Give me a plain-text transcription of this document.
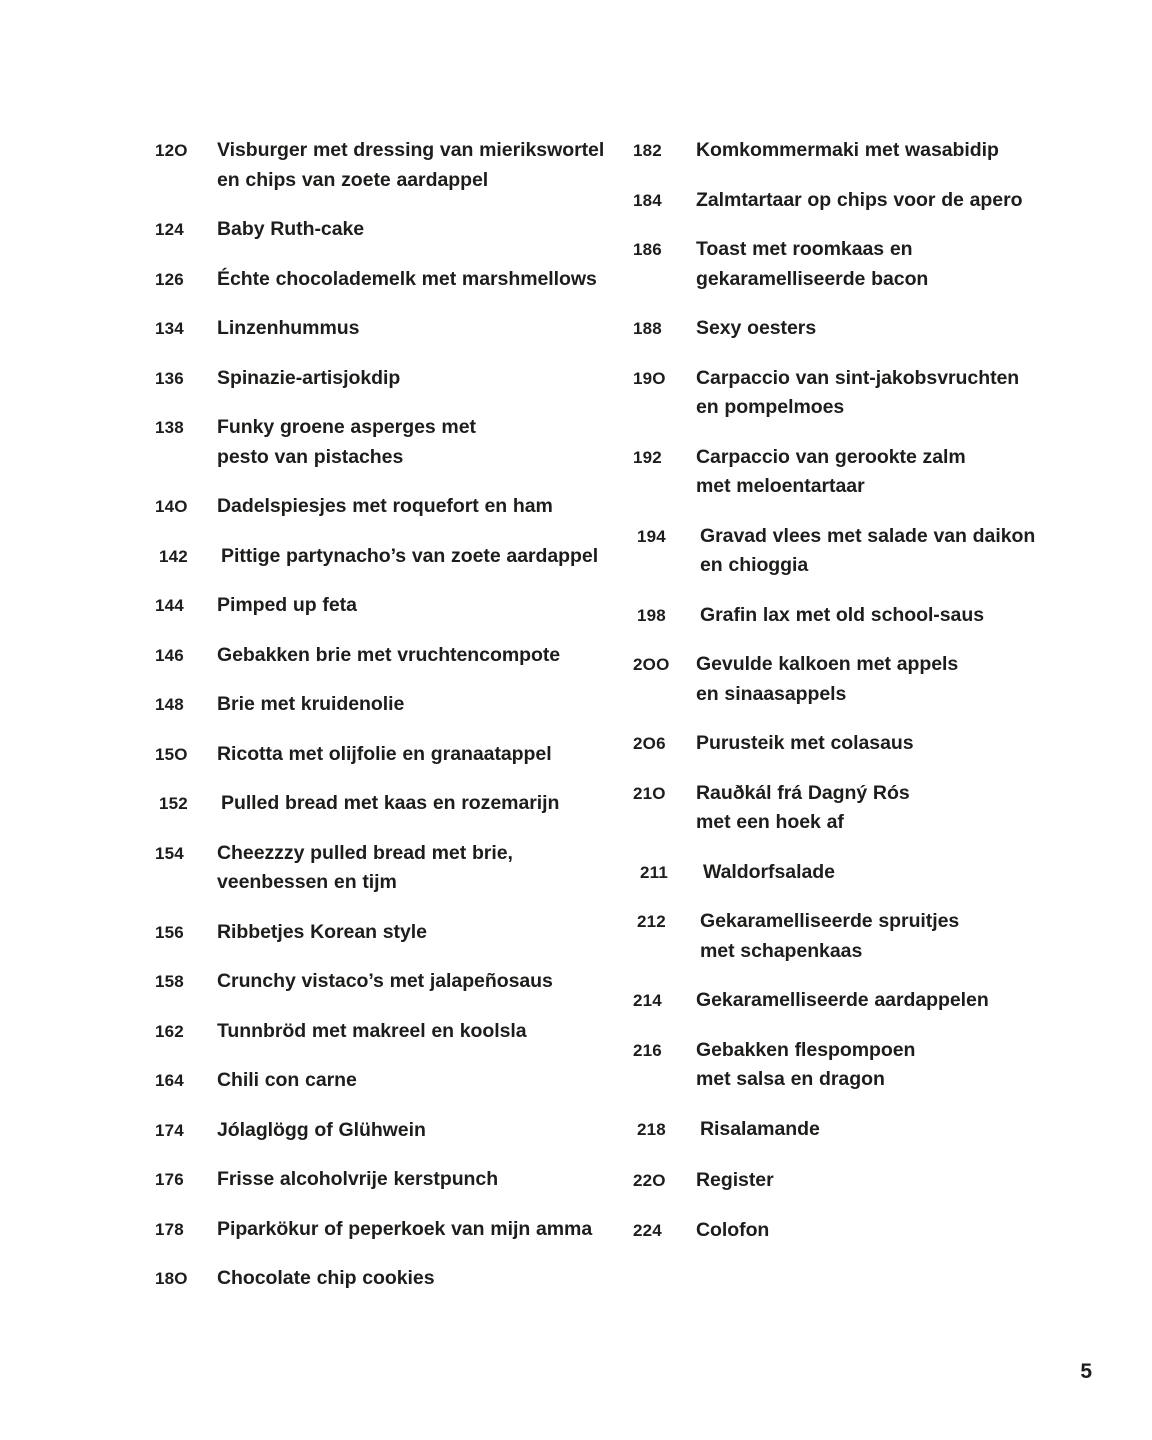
12O	Visburger met dressing van mierikswortel
en chips van zoete aardappel
124	Baby Ruth-cake
126	Échte chocolademelk met marshmellows
134	Linzenhummus
136	Spinazie-artisjokdip
138	Funky groene asperges met
pesto van pistaches
14O	Dadelspiesjes met roquefort en ham
142	Pittige partynacho’s van zoete aardappel
144	Pimped up feta
146	Gebakken brie met vruchtencompote
148	Brie met kruidenolie
15O	Ricotta met olijfolie en granaatappel
152	Pulled bread met kaas en rozemarijn
154	Cheezzzy pulled bread met brie,
veenbessen en tijm
156	Ribbetjes Korean style
158	Crunchy vistaco’s met jalapeñosaus
162	Tunnbröd met makreel en koolsla
164	Chili con carne
174	Jólaglögg of Glühwein
176	Frisse alcoholvrije kerstpunch
178	Piparkökur of peperkoek van mijn amma
18O	Chocolate chip cookies
182	Komkommermaki met wasabidip
184	Zalmtartaar op chips voor de apero
186	Toast met roomkaas en
gekaramelliseerde bacon
188	Sexy oesters
19O	Carpaccio van sint-jakobsvruchten
en pompelmoes
192	Carpaccio van gerookte zalm
met meloentartaar
194	Gravad vlees met salade van daikon
en chioggia
198	Grafin lax met old school-saus
2OO	Gevulde kalkoen met appels
en sinaasappels
2O6	Purusteik met colasaus
21O	Rauðkál frá Dagný Rós
met een hoek af
211	Waldorfsalade
212	Gekaramelliseerde spruitjes
met schapenkaas
214	Gekaramelliseerde aardappelen
216	Gebakken flespompoen
met salsa en dragon
218	Risalamande
22O	Register
224	Colofon
5
